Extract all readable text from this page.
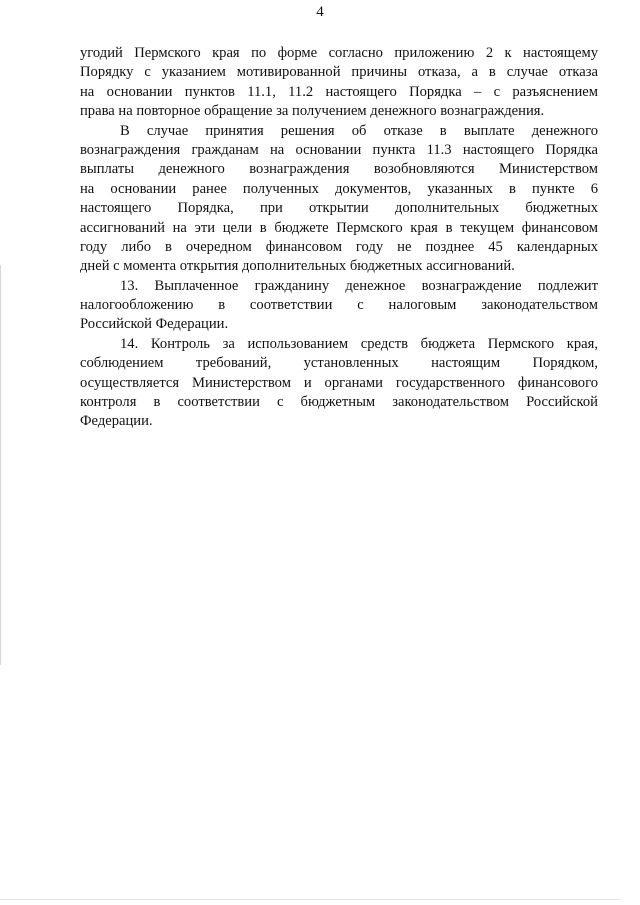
4
угодий Пермского края по форме согласно приложению 2 к настоящему
Порядку с указанием мотивированной причины отказа, а в случае отказа
на основании пунктов 11.1, 11.2 настоящего Порядка – с разъяснением
права на повторное обращение за получением денежного вознаграждения.
В случае принятия решения об отказе в выплате денежного
вознаграждения гражданам на основании пункта 11.3 настоящего Порядка
выплаты денежного вознаграждения возобновляются Министерством
на основании ранее полученных документов, указанных в пункте 6
настоящего Порядка, при открытии дополнительных бюджетных
ассигнований на эти цели в бюджете Пермского края в текущем финансовом
году либо в очередном финансовом году не позднее 45 календарных
дней с момента открытия дополнительных бюджетных ассигнований.
13. Выплаченное гражданину денежное вознаграждение подлежит
налогообложению в соответствии с налоговым законодательством
Российской Федерации.
14. Контроль за использованием средств бюджета Пермского края,
соблюдением требований, установленных настоящим Порядком,
осуществляется Министерством и органами государственного финансового
контроля в соответствии с бюджетным законодательством Российской
Федерации.
